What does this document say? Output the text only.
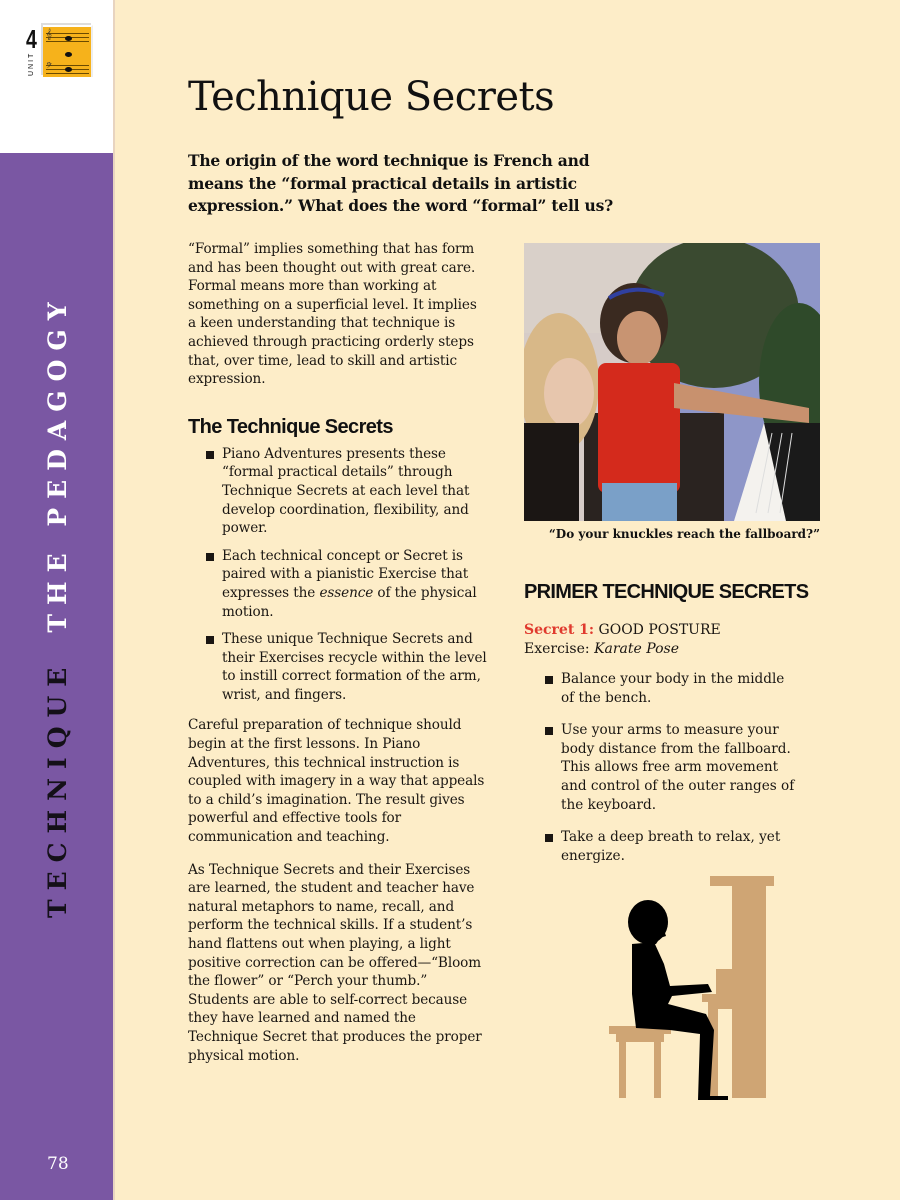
4
UNIT
𝄞
𝄢
TECHNIQUETHE PEDAGOGY
78
Technique Secrets

The origin of the word technique is French and means the “formal practical details in artistic expression.” What does the word “formal” tell us?

“Formal” implies something that has form and has been thought out with great care. Formal means more than working at something on a superficial level. It implies a keen understanding that technique is achieved through practicing orderly steps that, over time, lead to skill and artistic expression.

The Technique Secrets
Piano Adventures presents these “formal practical details” through Technique Secrets at each level that develop coordination, flexibility, and power.
Each technical concept or Secret is paired with a pianistic Exercise that expresses the essence of the physical motion.
These unique Technique Secrets and their Exercises recycle within the level to instill correct formation of the arm, wrist, and fingers.

Careful preparation of technique should begin at the first lessons. In Piano Adventures, this technical instruction is coupled with imagery in a way that appeals to a child’s imagination. The result gives powerful and effective tools for communication and teaching.

As Technique Secrets and their Exercises are learned, the student and teacher have natural metaphors to name, recall, and perform the technical skills. If a student’s hand flattens out when playing, a light positive correction can be offered—“Bloom the flower” or “Perch your thumb.” Students are able to self-correct because they have learned and named the Technique Secret that produces the proper physical motion.

“Do your knuckles reach the fallboard?”
PRIMER TECHNIQUE SECRETS
Secret 1: GOOD POSTURE
Exercise: Karate Pose
Balance your body in the middle of the bench.
Use your arms to measure your body distance from the fallboard. This allows free arm movement and control of the outer ranges of the keyboard.
Take a deep breath to relax, yet energize.
